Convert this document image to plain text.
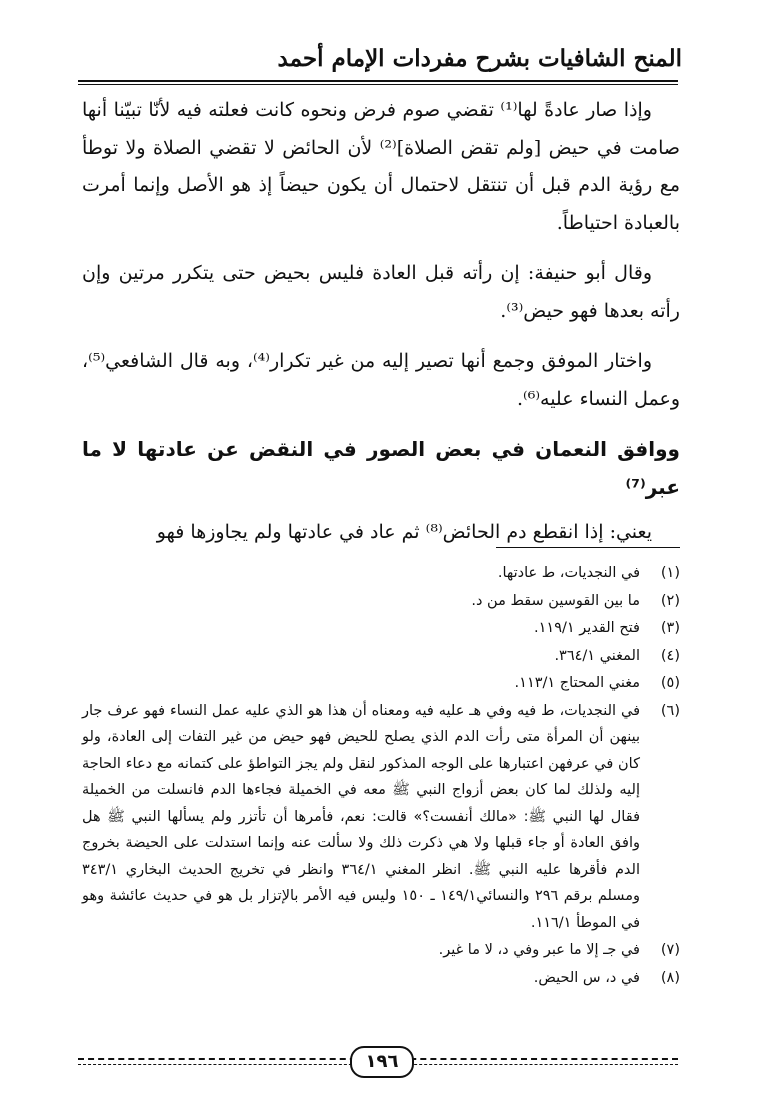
المنح الشافيات بشرح مفردات الإمام أحمد

وإذا صار عادةً لها⁽¹⁾ تقضي صوم فرض ونحوه كانت فعلته فيه لأنّا تبيّنا أنها صامت في حيض [ولم تقض الصلاة]⁽²⁾ لأن الحائض لا تقضي الصلاة ولا توطأ مع رؤية الدم قبل أن تنتقل لاحتمال أن يكون حيضاً إذ هو الأصل وإنما أمرت بالعبادة احتياطاً.

وقال أبو حنيفة: إن رأته قبل العادة فليس بحيض حتى يتكرر مرتين وإن رأته بعدها فهو حيض⁽³⁾.

واختار الموفق وجمع أنها تصير إليه من غير تكرار⁽⁴⁾، وبه قال الشافعي⁽⁵⁾، وعمل النساء عليه⁽⁶⁾.

ووافق النعمان في بعض الصور في النقض عن عادتها لا ما عبر⁽⁷⁾

يعني: إذا انقطع دم الحائض⁽⁸⁾ ثم عاد في عادتها ولم يجاوزها فهو

(١)
في النجديات، ط عادتها.
(٢)
ما بين القوسين سقط من د.
(٣)
فتح القدير ١١٩/١.
(٤)
المغني ٣٦٤/١.
(٥)
مغني المحتاج ١١٣/١.
(٦)
في النجديات، ط فيه وفي هـ عليه فيه ومعناه أن هذا هو الذي عليه عمل النساء فهو عرف جار بينهن أن المرأة متى رأت الدم الذي يصلح للحيض فهو حيض من غير التفات إلى العادة، ولو كان في عرفهن اعتبارها على الوجه المذكور لنقل ولم يجز التواطؤ على كتمانه مع دعاء الحاجة إليه ولذلك لما كان بعض أزواج النبي ﷺ معه في الخميلة فجاءها الدم فانسلت من الخميلة فقال لها النبي ﷺ: «مالك أنفست؟» قالت: نعم، فأمرها أن تأتزر ولم يسألها النبي ﷺ هل وافق العادة أو جاء قبلها ولا هي ذكرت ذلك ولا سألت عنه وإنما استدلت على الحيضة بخروج الدم فأقرها عليه النبي ﷺ. انظر المغني ٣٦٤/١ وانظر في تخريج الحديث البخاري ٣٤٣/١ ومسلم برقم ٢٩٦ والنسائي١٤٩/١ ـ ١٥٠ وليس فيه الأمر بالإتزار بل هو في حديث عائشة وهو في الموطأ ١١٦/١.
(٧)
في جـ إلا ما عبر وفي د، لا ما غير.
(٨)
في د، س الحيض.
١٩٦
